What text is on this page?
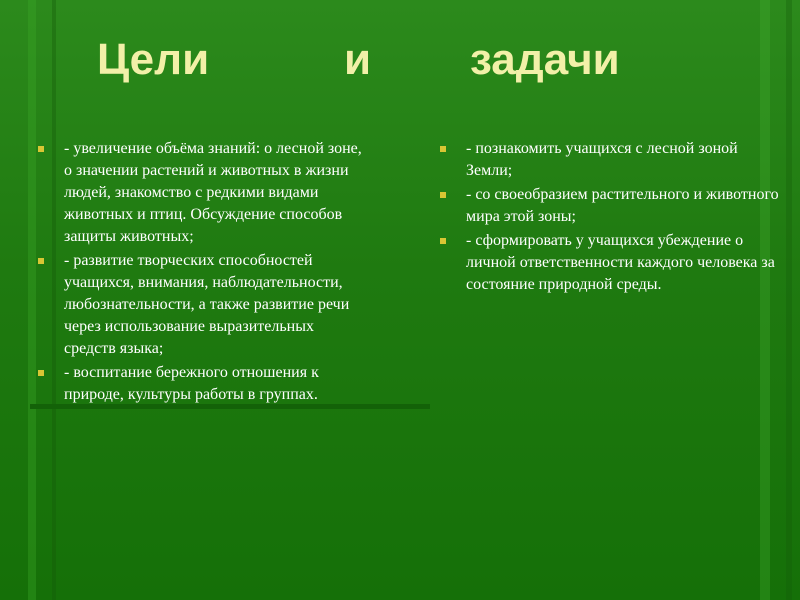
Цели	и задачи
- увеличение объёма знаний: о лесной зоне, о значении растений и животных в жизни людей, знакомство с редкими видами животных и птиц. Обсуждение способов защиты животных;
- развитие творческих способностей учащихся, внимания, наблюдательности, любознательности, а также развитие речи через использование выразительных средств языка;
- воспитание бережного отношения к природе, культуры работы в группах.
- познакомить учащихся с лесной зоной Земли;
- со своеобразием растительного и животного мира этой зоны;
- сформировать у учащихся убеждение о личной ответственности каждого человека за состояние природной среды.
